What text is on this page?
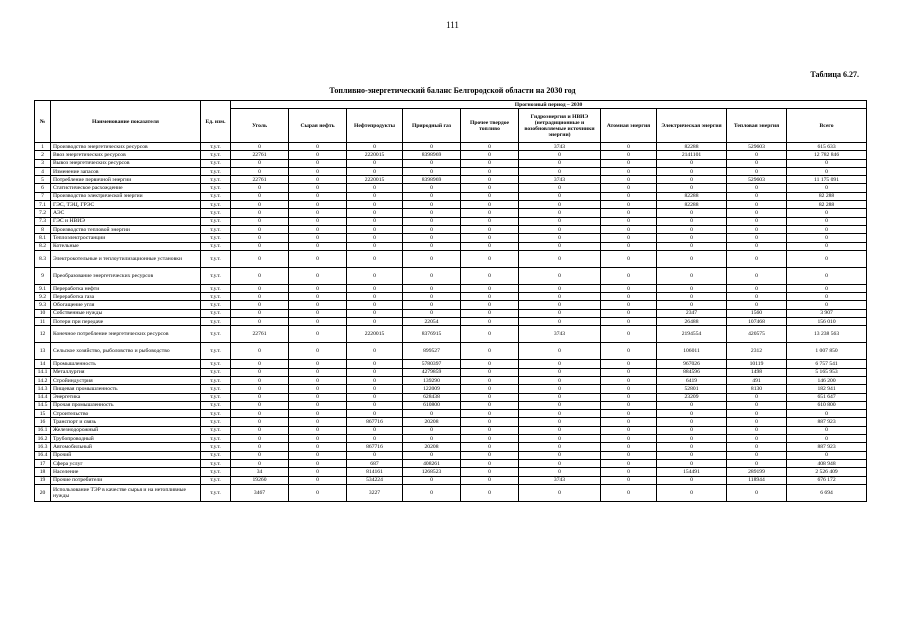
111
Таблица 6.27.
Топливно-энергетический баланс Белгородской области на 2030 год
№	Наименование показателя	Ед. изм.	Прогнозный период – 2030									
			Уголь	Сырая нефть	Нефтепродукты	Природный газ	Прочее твердое топливо	Гидроэнергия и НВИЭ (нетрадиционные и возобновляемые источники энергии)	Атомная энергия	Электрическая энергия	Тепловая энергия	Всего
1	Производство энергетических ресурсов	т.у.т.	0	0	0	0	0	3743	0	82288	529603	615 633
2	Ввоз энергетических ресурсов	т.у.т.	22761	0	2220015	8398969	0	0	0	2141101	0	12 782 846
3	Вывоз энергетических ресурсов	т.у.т.	0	0	0	0	0	0	0	0	0	0
4	Изменение запасов	т.у.т.	0	0	0	0	0	0	0	0	0	0
5	Потребление первичной энергии	т.у.т.	22761	0	2220015	8398969	0	3743	0	0	529603	11 175 091
6	Статистическое расхождение	т.у.т.	0	0	0	0	0	0	0	0	0	0
7	Производство электрической энергии	т.у.т.	0	0	0	0	0	0	0	82288	0	82 288
7.1	ГЭС, ТЭЦ, ГРЭС	т.у.т.	0	0	0	0	0	0	0	82288	0	82 288
7.2	АЭС	т.у.т.	0	0	0	0	0	0	0	0	0	0
7.3	ГЭС и НВИЭ	т.у.т.	0	0	0	0	0	0	0	0	0	0
8	Производство тепловой энергии	т.у.т.	0	0	0	0	0	0	0	0	0	0
8.1	Теплоэлектростанции	т.у.т.	0	0	0	0	0	0	0	0	0	0
8.2	Котельные	т.у.т.	0	0	0	0	0	0	0	0	0	0
8.3	Электрокотельные и теплоутилизационные установки	т.у.т.	0	0	0	0	0	0	0	0	0	0
9	Преобразование энергетических ресурсов	т.у.т.	0	0	0	0	0	0	0	0	0	0
9.1	Переработка нефти	т.у.т.	0	0	0	0	0	0	0	0	0	0
9.2	Переработка газа	т.у.т.	0	0	0	0	0	0	0	0	0	0
9.3	Обогащение угля	т.у.т.	0	0	0	0	0	0	0	0	0	0
10	Собственные нужды	т.у.т.	0	0	0	0	0	0	0	2347	1560	3 907
11	Потери при передаче	т.у.т.	0	0	0	22054	0	0	0	26488	107468	156 010
12	Конечное потребление энергетических ресурсов	т.у.т.	22761	0	2220015	8376915	0	3743	0	2194554	420575	13 238 563
13	Сельское хозяйство, рыболовство и рыбоводство	т.у.т.	0	0	0	899527	0	0	0	106011	2312	1 007 850
14	Промышленность	т.у.т.	0	0	0	5780397	0	0	0	967026	10119	6 757 541
14.1	Металлургия	т.у.т.	0	0	0	4279859	0	0	0	884596	1498	5 165 953
14.2	Стройиндустрия	т.у.т.	0	0	0	139290	0	0	0	6419	491	146 200
14.3	Пищевая промышленность	т.у.т.	0	0	0	122009	0	0	0	52801	8130	182 941
14.4	Энергетика	т.у.т.	0	0	0	628438	0	0	0	23209	0	651 647
14.5	Прочая промышленность	т.у.т.	0	0	0	610800	0	0	0	0	0	610 800
15	Строительство	т.у.т.	0	0	0	0	0	0	0	0	0	0
16	Транспорт и связь	т.у.т.	0	0	867716	20208	0	0	0	0	0	887 923
16.1	Железнодорожный	т.у.т.	0	0	0	0	0	0	0	0	0	0
16.2	Трубопроводный	т.у.т.	0	0	0	0	0	0	0	0	0	0
16.3	Автомобильный	т.у.т.	0	0	867716	20208	0	0	0	0	0	887 923
16.4	Прочий	т.у.т.	0	0	0	0	0	0	0	0	0	0
17	Сфера услуг	т.у.т.	0	0	687	408261	0	0	0	0	0	408 948
18	Население	т.у.т.	34	0	814161	1268523	0	0	0	154491	289199	2 526 409
19	Прочие потребители	т.у.т.	19260	0	534224	0	0	3743	0	0	118944	676 172
20	Использование ТЭР в качестве сырья и на нетопливные нужды	т.у.т.	3467	0	3227	0	0	0	0	0	0	6 694
